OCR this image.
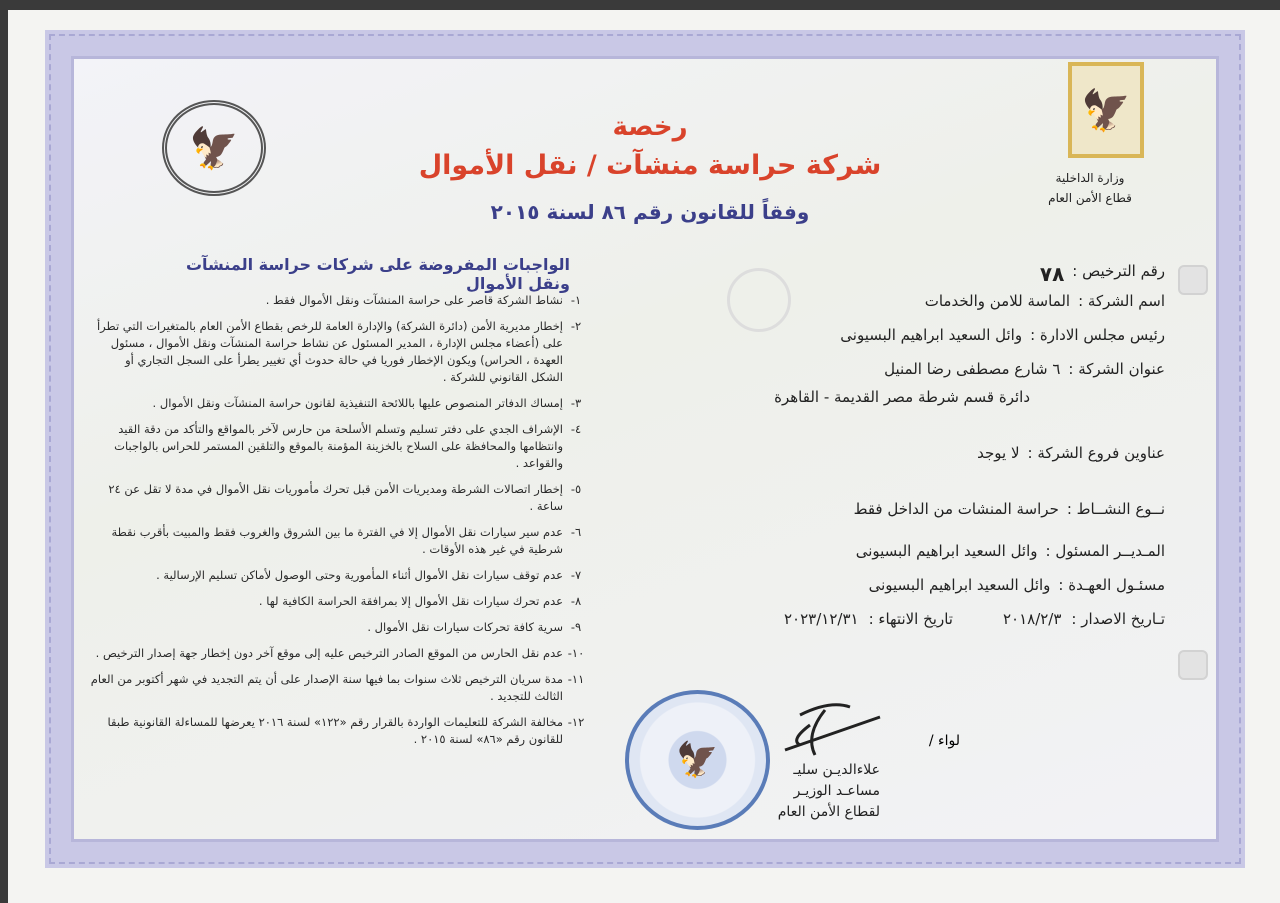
🦅
🦅
وزارة الداخلية
قطاع الأمن العام
رخصة
شركة حراسة منشآت / نقل الأموال
وفقاً للقانون رقم ٨٦ لسنة ٢٠١٥
الواجبات المفروضة على شركات حراسة المنشآت ونقل الأموال
١-
نشاط الشركة قاصر على حراسة المنشآت ونقل الأموال فقط .
٢-
إخطار مديرية الأمن (دائرة الشركة) والإدارة العامة للرخص بقطاع الأمن العام بالمتغيرات التي تطرأ على (أعضاء مجلس الإدارة ، المدير المسئول عن نشاط حراسة المنشآت ونقل الأموال ، مسئول العهدة ، الحراس) ويكون الإخطار فوريا في حالة حدوث أي تغيير يطرأ على السجل التجاري أو الشكل القانوني للشركة .
٣-
إمساك الدفاتر المنصوص عليها باللائحة التنفيذية لقانون حراسة المنشآت ونقل الأموال .
٤-
الإشراف الجدي على دفتر تسليم وتسلم الأسلحة من حارس لآخر بالمواقع والتأكد من دقة القيد وانتظامها والمحافظة على السلاح بالخزينة المؤمنة بالموقع والتلقين المستمر للحراس بالواجبات والقواعد .
٥-
إخطار اتصالات الشرطة ومديريات الأمن قبل تحرك مأموريات نقل الأموال في مدة لا تقل عن ٢٤ ساعة .
٦-
عدم سير سيارات نقل الأموال إلا في الفترة ما بين الشروق والغروب فقط والمبيت بأقرب نقطة شرطية في غير هذه الأوقات .
٧-
عدم توقف سيارات نقل الأموال أثناء المأمورية وحتى الوصول لأماكن تسليم الإرسالية .
٨-
عدم تحرك سيارات نقل الأموال إلا بمرافقة الحراسة الكافية لها .
٩-
سرية كافة تحركات سيارات نقل الأموال .
١٠-
عدم نقل الحارس من الموقع الصادر الترخيص عليه إلى موقع آخر دون إخطار جهة إصدار الترخيص .
١١-
مدة سريان الترخيص ثلاث سنوات بما فيها سنة الإصدار على أن يتم التجديد في شهر أكتوبر من العام الثالث للتجديد .
١٢-
مخالفة الشركة للتعليمات الواردة بالقرار رقم «١٢٢» لسنة ٢٠١٦ يعرضها للمساءلة القانونية طبقا للقانون رقم «٨٦» لسنة ٢٠١٥ .
رقم الترخيص :
٧٨
اسم الشركة :
الماسة للامن والخدمات
رئيس مجلس الادارة :
وائل السعيد ابراهيم البسيونى
عنوان الشركة :
٦ شارع مصطفى رضا المنيل
دائرة قسم شرطة مصر القديمة - القاهرة
عناوين فروع الشركة :
لا يوجد
نــوع النشــاط :
حراسة المنشات من الداخل فقط
المـديــر المسئول :
وائل السعيد ابراهيم البسيونى
مسئـول العهـدة :
وائل السعيد ابراهيم البسيونى
تـاريخ الاصدار :
٢٠١٨/٢/٣
تاريخ الانتهاء :
٢٠٢٣/١٢/٣١
🦅	لواء /
علاءالديـن سليـ
مساعـد الوزيـر
لقطاع الأمن العام
